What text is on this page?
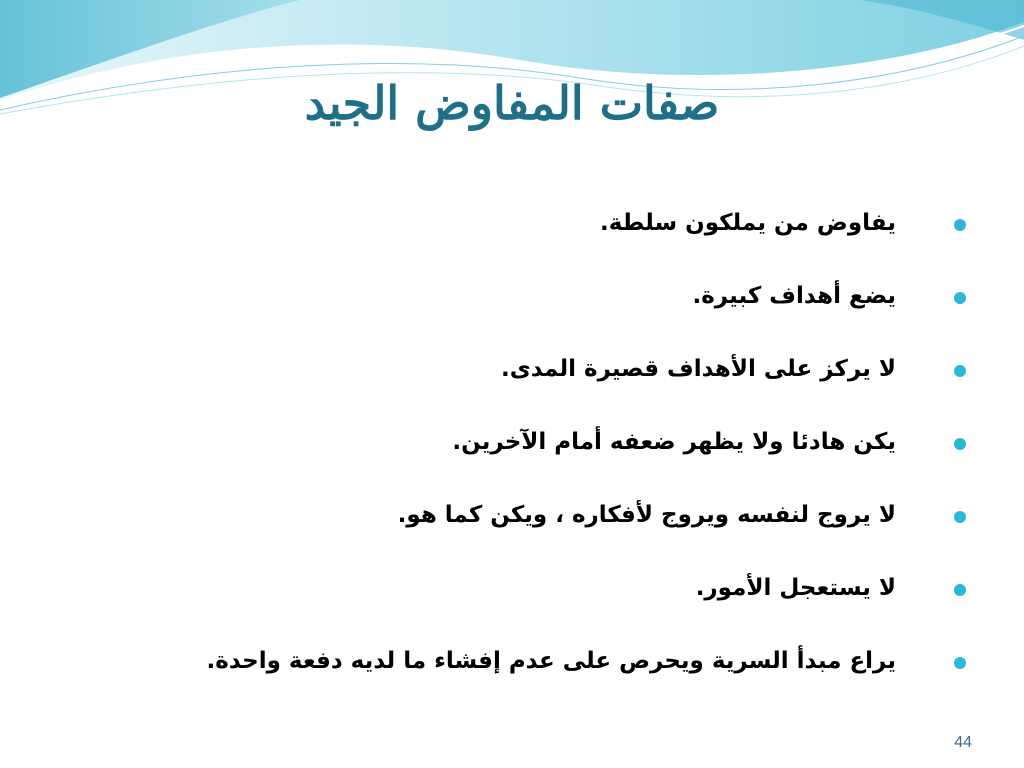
صفات المفاوض الجيد
يفاوض من يملكون سلطة.
يضع أهداف كبيرة.
لا يركز على الأهداف قصيرة المدى.
يكن هادئا ولا يظهر ضعفه أمام الآخرين.
لا يروج لنفسه ويروج لأفكاره ، ويكن كما هو.
لا يستعجل الأمور.
يراع مبدأ السرية ويحرص على عدم إفشاء ما لديه دفعة واحدة.
44
